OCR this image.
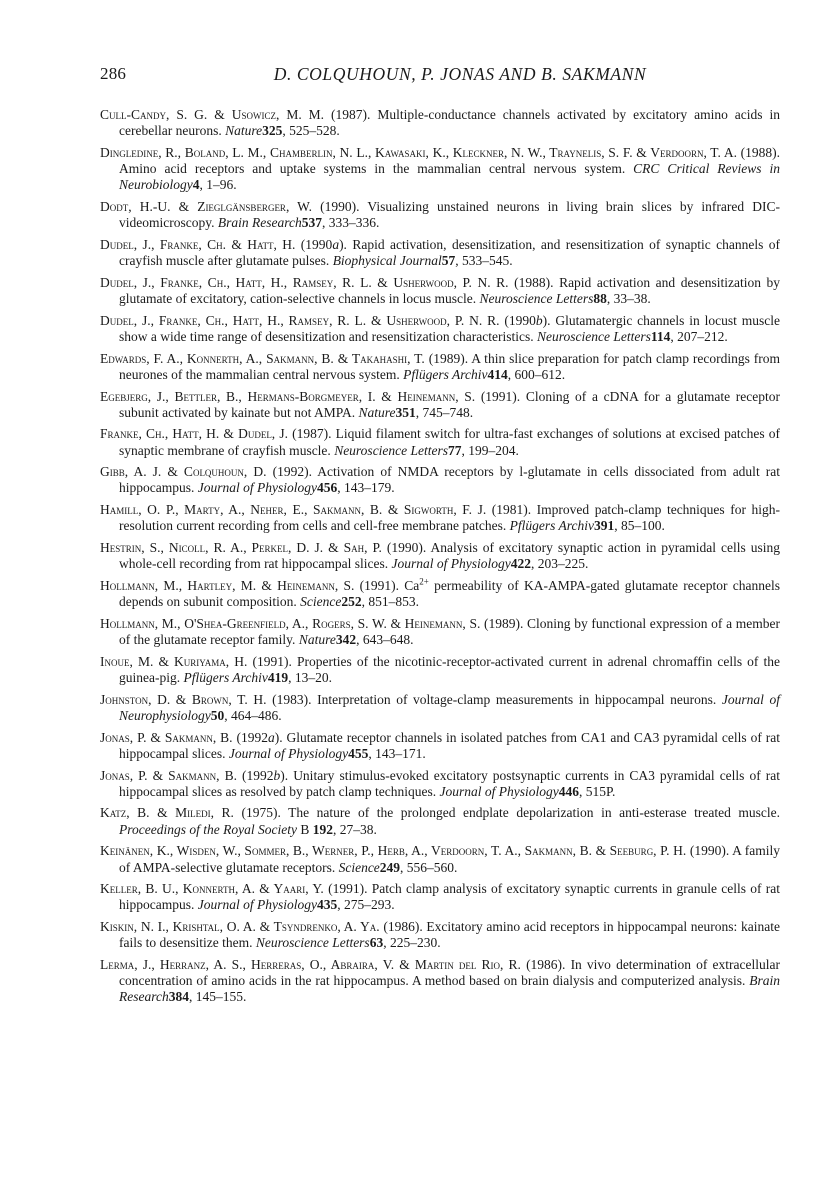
286	D. COLQUHOUN, P. JONAS AND B. SAKMANN
Cull-Candy, S. G. & Usowicz, M. M. (1987). Multiple-conductance channels activated by excitatory amino acids in cerebellar neurons. Nature325, 525–528.
Dingledine, R., Boland, L. M., Chamberlin, N. L., Kawasaki, K., Kleckner, N. W., Traynelis, S. F. & Verdoorn, T. A. (1988). Amino acid receptors and uptake systems in the mammalian central nervous system. CRC Critical Reviews in Neurobiology4, 1–96.
Dodt, H.-U. & Zieglgänsberger, W. (1990). Visualizing unstained neurons in living brain slices by infrared DIC-videomicroscopy. Brain Research537, 333–336.
Dudel, J., Franke, Ch. & Hatt, H. (1990a). Rapid activation, desensitization, and resensitization of synaptic channels of crayfish muscle after glutamate pulses. Biophysical Journal57, 533–545.
Dudel, J., Franke, Ch., Hatt, H., Ramsey, R. L. & Usherwood, P. N. R. (1988). Rapid activation and desensitization by glutamate of excitatory, cation-selective channels in locus muscle. Neuroscience Letters88, 33–38.
Dudel, J., Franke, Ch., Hatt, H., Ramsey, R. L. & Usherwood, P. N. R. (1990b). Glutamatergic channels in locust muscle show a wide time range of desensitization and resensitization characteristics. Neuroscience Letters114, 207–212.
Edwards, F. A., Konnerth, A., Sakmann, B. & Takahashi, T. (1989). A thin slice preparation for patch clamp recordings from neurones of the mammalian central nervous system. Pflügers Archiv414, 600–612.
Egebjerg, J., Bettler, B., Hermans-Borgmeyer, I. & Heinemann, S. (1991). Cloning of a cDNA for a glutamate receptor subunit activated by kainate but not AMPA. Nature351, 745–748.
Franke, Ch., Hatt, H. & Dudel, J. (1987). Liquid filament switch for ultra-fast exchanges of solutions at excised patches of synaptic membrane of crayfish muscle. Neuroscience Letters77, 199–204.
Gibb, A. J. & Colquhoun, D. (1992). Activation of NMDA receptors by l-glutamate in cells dissociated from adult rat hippocampus. Journal of Physiology456, 143–179.
Hamill, O. P., Marty, A., Neher, E., Sakmann, B. & Sigworth, F. J. (1981). Improved patch-clamp techniques for high-resolution current recording from cells and cell-free membrane patches. Pflügers Archiv391, 85–100.
Hestrin, S., Nicoll, R. A., Perkel, D. J. & Sah, P. (1990). Analysis of excitatory synaptic action in pyramidal cells using whole-cell recording from rat hippocampal slices. Journal of Physiology422, 203–225.
Hollmann, M., Hartley, M. & Heinemann, S. (1991). $Ca^{2+}$ permeability of KA-AMPA-gated glutamate receptor channels depends on subunit composition. Science252, 851–853.
Hollmann, M., O'Shea-Greenfield, A., Rogers, S. W. & Heinemann, S. (1989). Cloning by functional expression of a member of the glutamate receptor family. Nature342, 643–648.
Inoue, M. & Kuriyama, H. (1991). Properties of the nicotinic-receptor-activated current in adrenal chromaffin cells of the guinea-pig. Pflügers Archiv419, 13–20.
Johnston, D. & Brown, T. H. (1983). Interpretation of voltage-clamp measurements in hippocampal neurons. Journal of Neurophysiology50, 464–486.
Jonas, P. & Sakmann, B. (1992a). Glutamate receptor channels in isolated patches from CA1 and CA3 pyramidal cells of rat hippocampal slices. Journal of Physiology455, 143–171.
Jonas, P. & Sakmann, B. (1992b). Unitary stimulus-evoked excitatory postsynaptic currents in CA3 pyramidal cells of rat hippocampal slices as resolved by patch clamp techniques. Journal of Physiology446, 515P.
Katz, B. & Miledi, R. (1975). The nature of the prolonged endplate depolarization in anti-esterase treated muscle. Proceedings of the Royal Society B 192, 27–38.
Keinänen, K., Wisden, W., Sommer, B., Werner, P., Herb, A., Verdoorn, T. A., Sakmann, B. & Seeburg, P. H. (1990). A family of AMPA-selective glutamate receptors. Science249, 556–560.
Keller, B. U., Konnerth, A. & Yaari, Y. (1991). Patch clamp analysis of excitatory synaptic currents in granule cells of rat hippocampus. Journal of Physiology435, 275–293.
Kiskin, N. I., Krishtal, O. A. & Tsyndrenko, A. Ya. (1986). Excitatory amino acid receptors in hippocampal neurons: kainate fails to desensitize them. Neuroscience Letters63, 225–230.
Lerma, J., Herranz, A. S., Herreras, O., Abraira, V. & Martin del Rio, R. (1986). In vivo determination of extracellular concentration of amino acids in the rat hippocampus. A method based on brain dialysis and computerized analysis. Brain Research384, 145–155.
